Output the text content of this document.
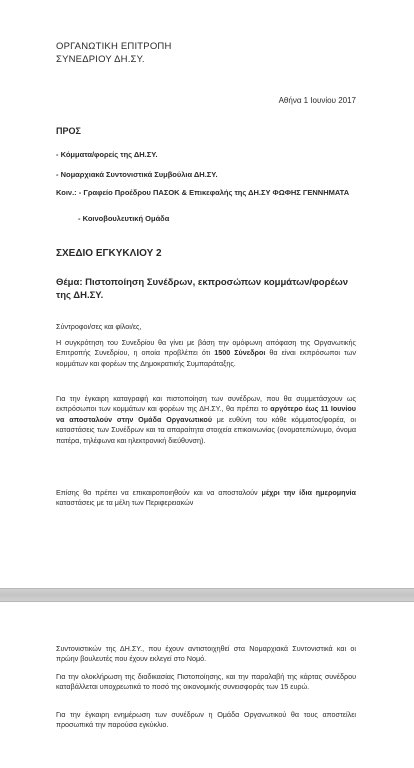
ΟΡΓΑΝΩΤΙΚΗ ΕΠΙΤΡΟΠΗ
ΣΥΝΕΔΡΙΟΥ ΔΗ.ΣΥ.
Αθήνα 1 Ιουνίου 2017
ΠΡΟΣ
- Κόμματα/φορείς της ΔΗ.ΣΥ.
- Νομαρχιακά Συντονιστικά Συμβούλια ΔΗ.ΣΥ.
Κοιν.: - Γραφείο Προέδρου ΠΑΣΟΚ & Επικεφαλής της ΔΗ.ΣΥ ΦΩΦΗΣ ΓΕΝΝΗΜΑΤΑ
- Κοινοβουλευτική Ομάδα
ΣΧΕΔΙΟ ΕΓΚΥΚΛΙΟΥ 2
Θέμα: Πιστοποίηση Συνέδρων, εκπροσώπων κομμάτων/φορέων της ΔΗ.ΣΥ.
Σύντροφοι/σες και φίλοι/ες,
Η συγκρότηση του Συνεδρίου θα γίνει με βάση την ομόφωνη απόφαση της Οργανωτικής Επιτροπής Συνεδρίου, η οποία προβλέπει ότι 1500 Σύνεδροι θα είναι εκπρόσωποι των κομμάτων και φορέων της Δημοκρατικής Συμπαράταξης.
Για την έγκαιρη καταγραφή και πιστοποίηση των συνέδρων, που θα συμμετάσχουν ως εκπρόσωποι των κομμάτων και φορέων της ΔΗ.ΣΥ., θα πρέπει το αργότερο έως 11 Ιουνίου να αποσταλούν στην Ομάδα Οργανωτικού με ευθύνη του κάθε κόμματος/φορέα, οι καταστάσεις των Συνέδρων και τα απαραίτητα στοιχεία επικοινωνίας (ονοματεπώνυμο, όνομα πατέρα, τηλέφωνα και ηλεκτρονική διεύθυνση).
Επίσης θα πρέπει να επικαιροποιηθούν και να αποσταλούν μέχρι την ίδια ημερομηνία καταστάσεις με τα μέλη των Περιφερειακών
Συντονιστικών της ΔΗ.ΣΥ., που έχουν αντιστοιχηθεί στα Νομαρχιακά Συντονιστικά και οι πρώην βουλευτές που έχουν εκλεγεί στο Νομό.
Για την ολοκλήρωση της διαδικασίας Πιστοποίησης, και την παραλαβή της κάρτας συνέδρου καταβάλλεται υποχρεωτικά το ποσό της οικονομικής συνεισφοράς των 15 ευρώ.
Για την έγκαιρη ενημέρωση των συνέδρων η Ομάδα Οργανωτικού θα τους αποστείλει προσωπικά την παρούσα εγκύκλιο.
